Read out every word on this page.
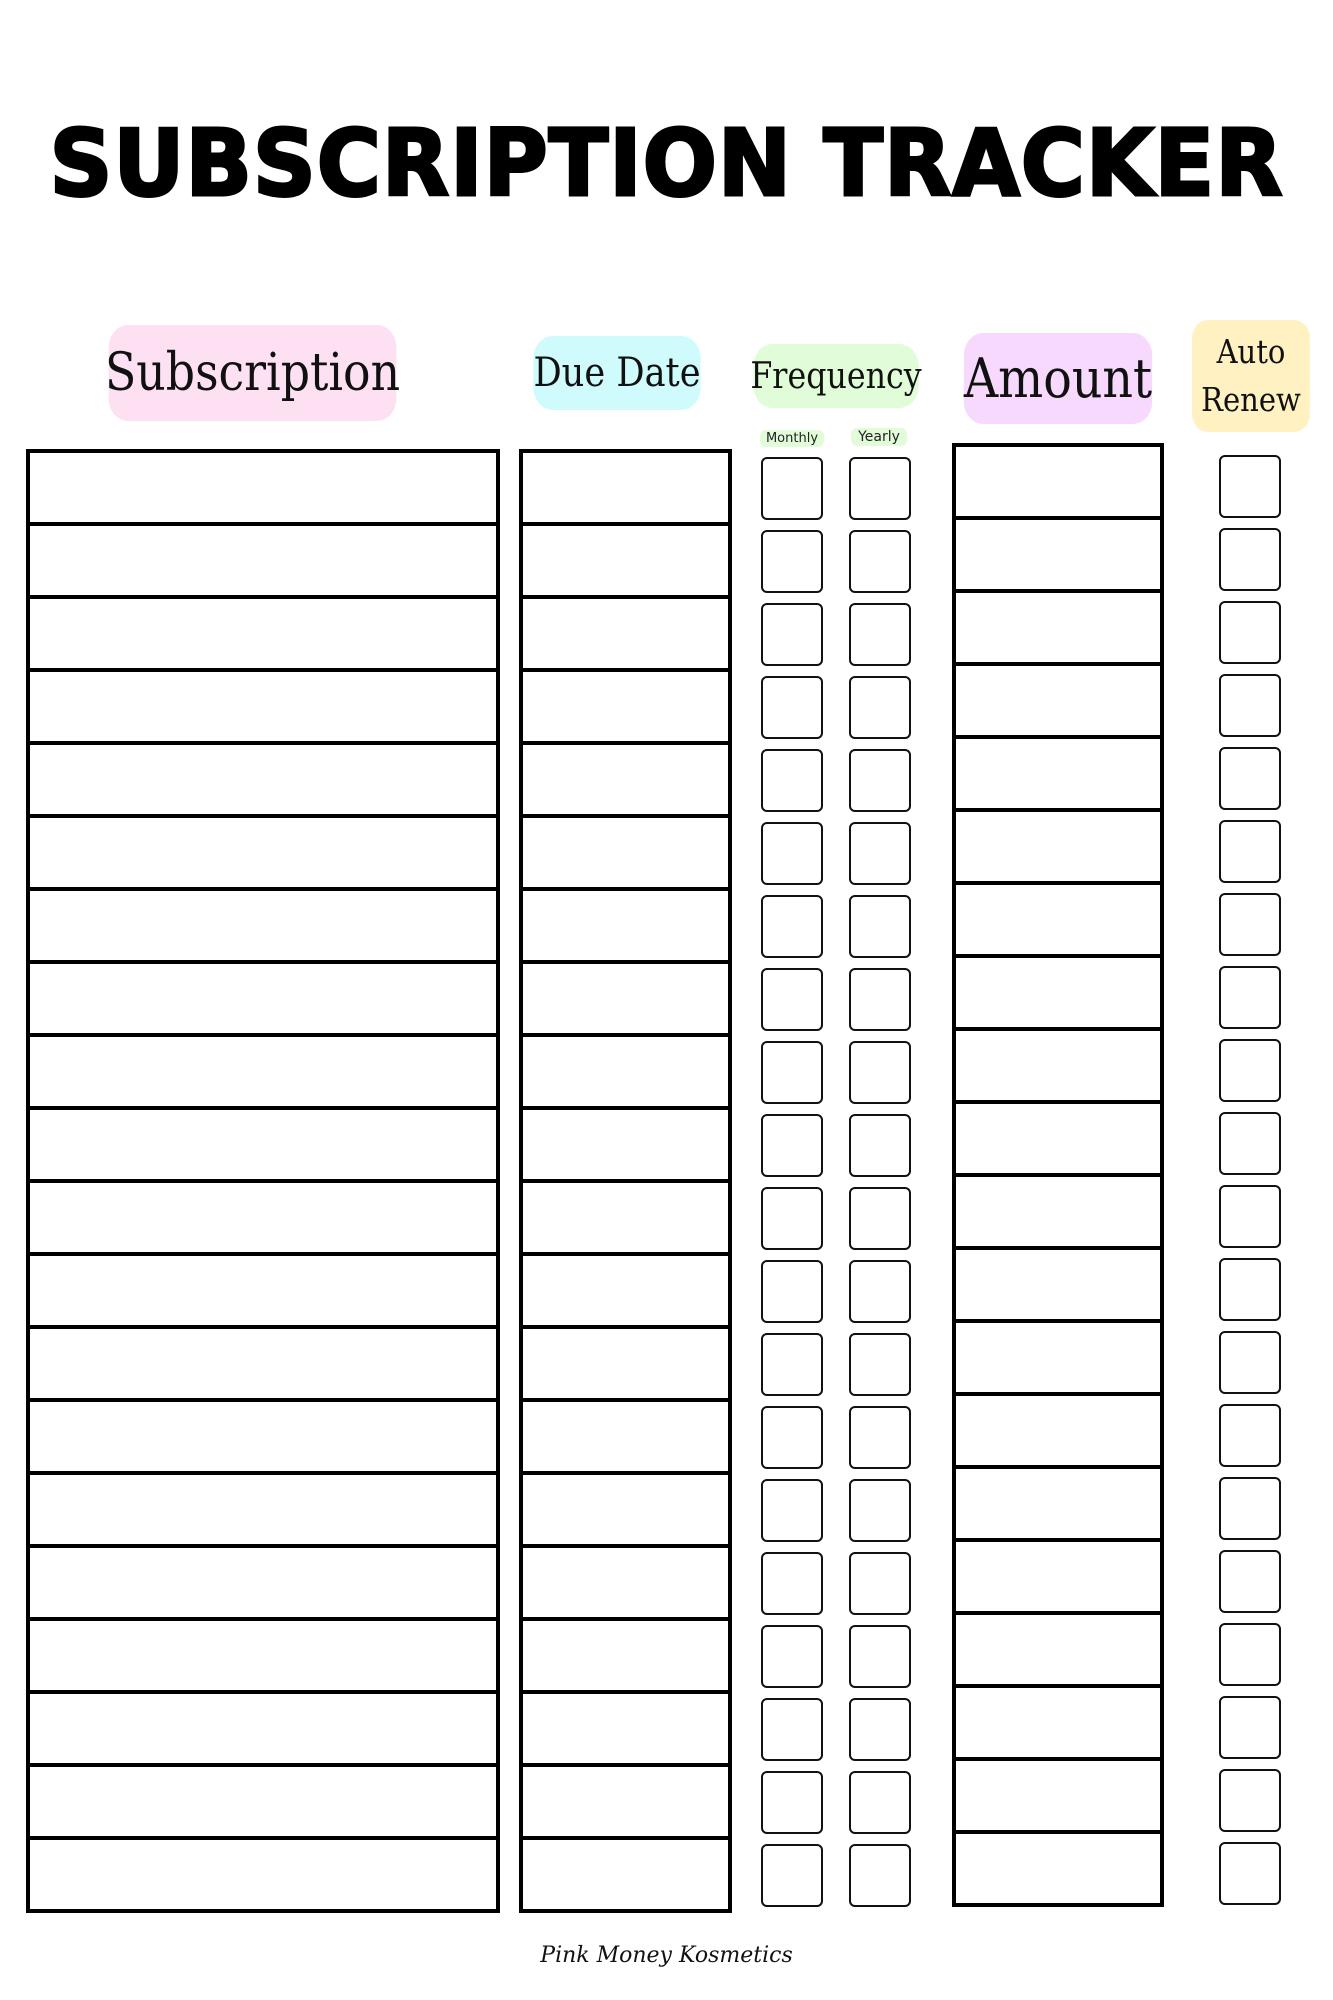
SUBSCRIPTION TRACKER
Subscription	Due Date Frequency Amount Auto
Renew
Monthly	Yearly
Pink Money Kosmetics
